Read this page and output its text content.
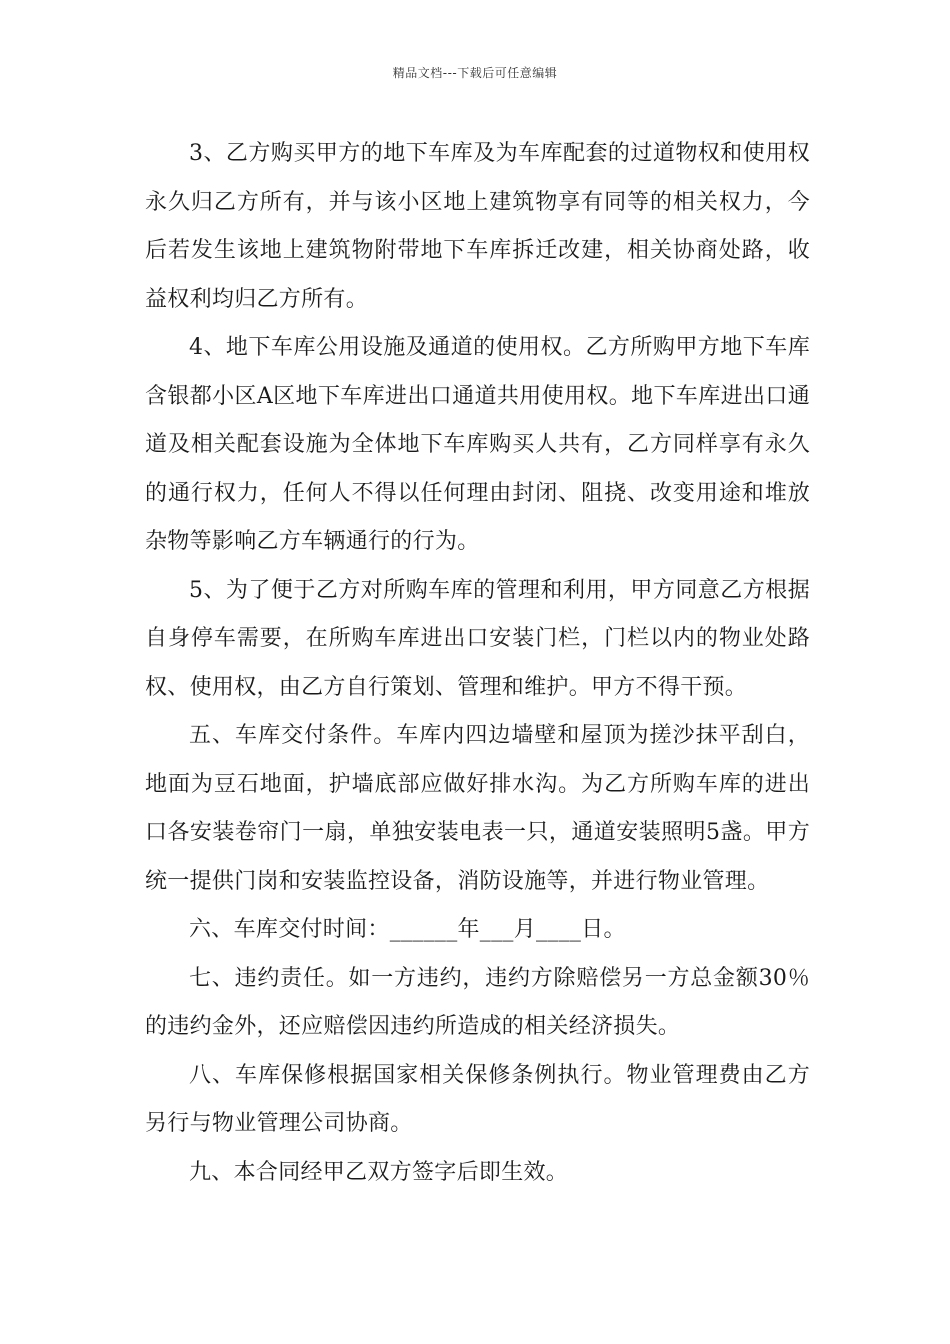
精品文档---下载后可任意编辑

3、乙方购买甲方的地下车库及为车库配套的过道物权和使用权永久归乙方所有，并与该小区地上建筑物享有同等的相关权力，今后若发生该地上建筑物附带地下车库拆迁改建，相关协商处路，收益权利均归乙方所有。

4、地下车库公用设施及通道的使用权。乙方所购甲方地下车库含银都小区A区地下车库进出口通道共用使用权。地下车库进出口通道及相关配套设施为全体地下车库购买人共有，乙方同样享有永久的通行权力，任何人不得以任何理由封闭、阻挠、改变用途和堆放杂物等影响乙方车辆通行的行为。

5、为了便于乙方对所购车库的管理和利用，甲方同意乙方根据自身停车需要，在所购车库进出口安装门栏，门栏以内的物业处路权、使用权，由乙方自行策划、管理和维护。甲方不得干预。

五、车库交付条件。车库内四边墙壁和屋顶为搓沙抹平刮白，地面为豆石地面，护墙底部应做好排水沟。为乙方所购车库的进出口各安装卷帘门一扇，单独安装电表一只，通道安装照明5盏。甲方统一提供门岗和安装监控设备，消防设施等，并进行物业管理。

六、车库交付时间：______年___月____日。

七、违约责任。如一方违约，违约方除赔偿另一方总金额30％的违约金外，还应赔偿因违约所造成的相关经济损失。

八、车库保修根据国家相关保修条例执行。物业管理费由乙方另行与物业管理公司协商。

九、本合同经甲乙双方签字后即生效。
